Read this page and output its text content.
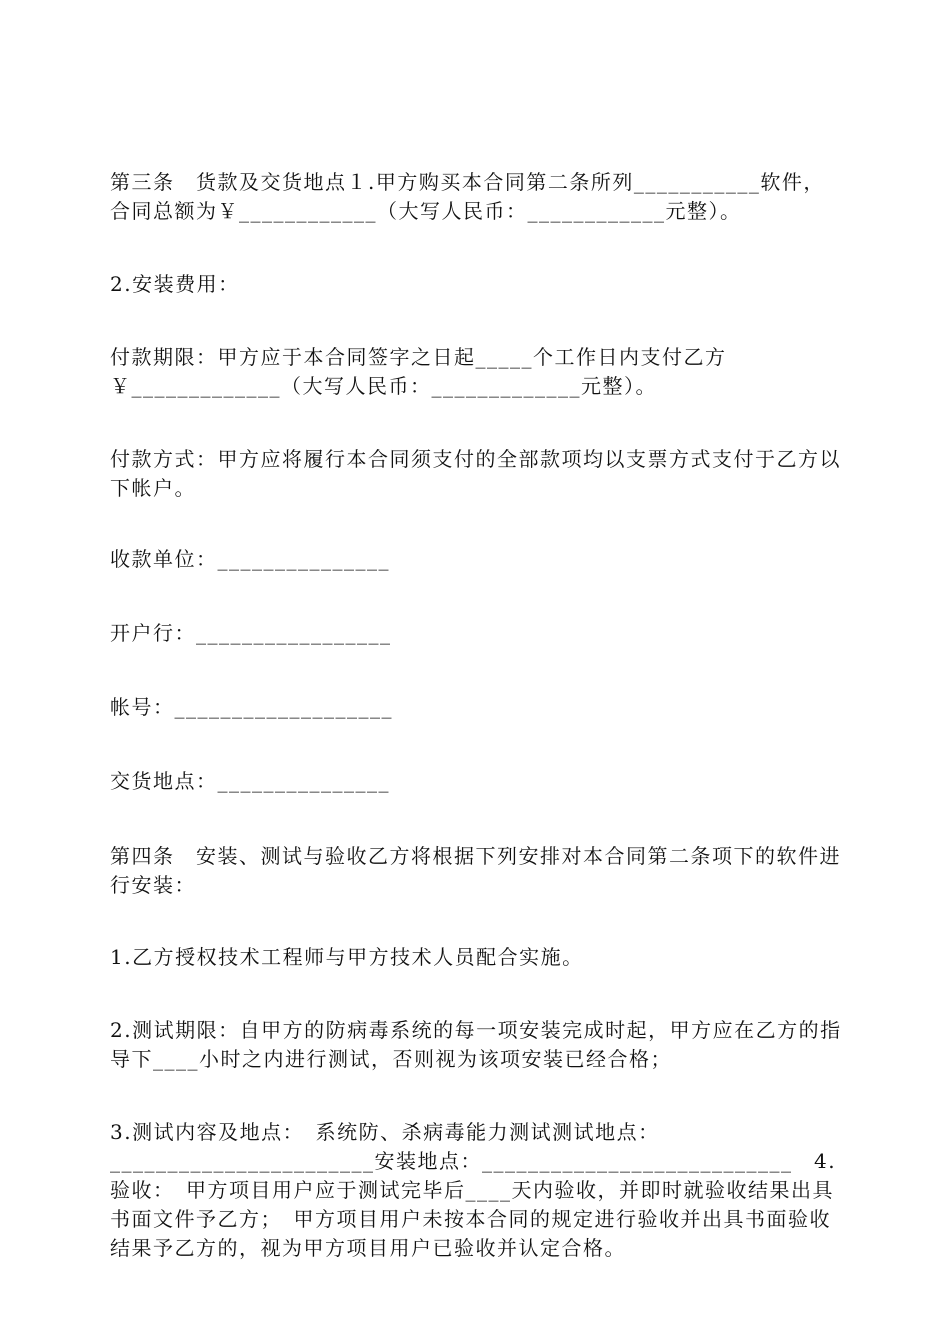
第三条　货款及交货地点１.甲方购买本合同第二条所列___________软件，合同总额为￥____________（大写人民币：____________元整）。

2.安装费用：

付款期限：甲方应于本合同签字之日起_____个工作日内支付乙方￥_____________（大写人民币：_____________元整）。

付款方式：甲方应将履行本合同须支付的全部款项均以支票方式支付于乙方以下帐户。

收款单位：_______________

开户行：_________________

帐号：___________________

交货地点：_______________

第四条　安装、测试与验收乙方将根据下列安排对本合同第二条项下的软件进行安装：

1.乙方授权技术工程师与甲方技术人员配合实施。

2.测试期限：自甲方的防病毒系统的每一项安装完成时起，甲方应在乙方的指导下____小时之内进行测试，否则视为该项安装已经合格；

3.测试内容及地点：　系统防、杀病毒能力测试测试地点：_______________________安装地点：___________________________　4.验收：　甲方项目用户应于测试完毕后____天内验收，并即时就验收结果出具书面文件予乙方；　甲方项目用户未按本合同的规定进行验收并出具书面验收结果予乙方的，视为甲方项目用户已验收并认定合格。
